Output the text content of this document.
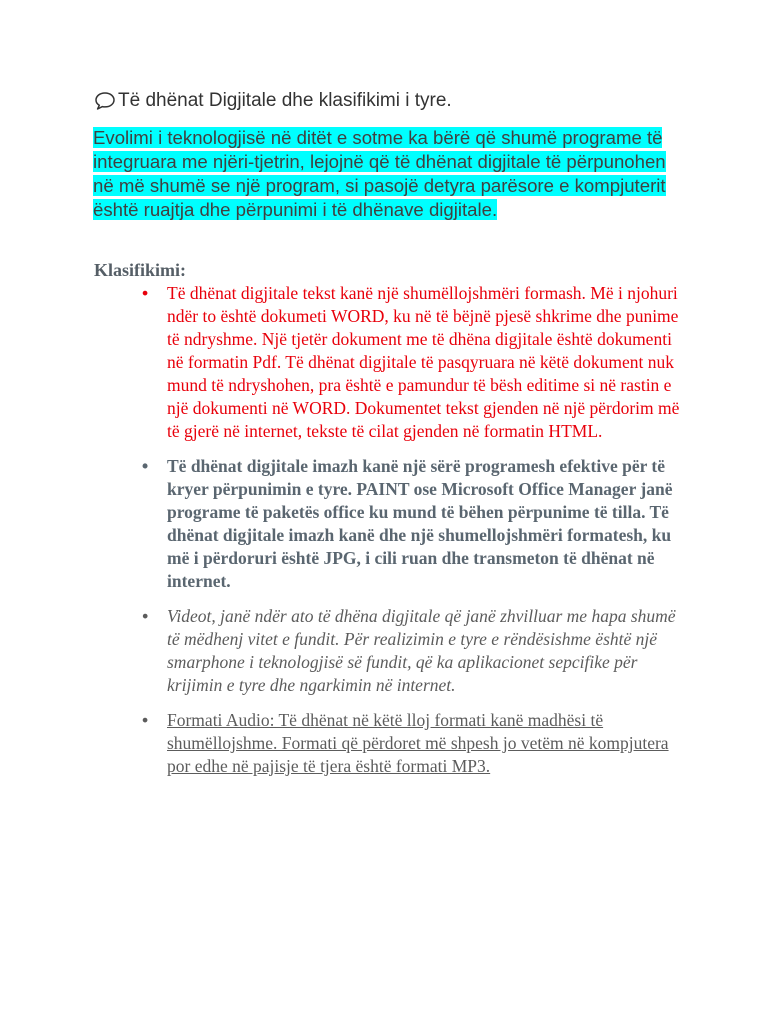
Të dhënat Digjitale dhe klasifikimi i tyre.
Evolimi i teknologjisë në ditët e sotme ka bërë që shumë programe të integruara me njëri-tjetrin, lejojnë që të dhënat digjitale të përpunohen në më shumë se një program, si pasojë detyra parësore e kompjuterit është ruajtja dhe përpunimi i të dhënave digjitale.
Klasifikimi:
• Të dhënat digjitale tekst kanë një shumëllojshmëri formash. Më i njohuri ndër to është dokumeti WORD, ku në të bëjnë pjesë shkrime dhe punime të ndryshme. Një tjetër dokument me të dhëna digjitale është dokumenti në formatin Pdf. Të dhënat digjitale të pasqyruara në këtë dokument nuk mund të ndryshohen, pra është e pamundur të bësh editime si në rastin e një dokumenti në WORD. Dokumentet tekst gjenden në një përdorim më të gjerë në internet, tekste të cilat gjenden në formatin HTML.
• Të dhënat digjitale imazh kanë një sërë programesh efektive për të kryer përpunimin e tyre. PAINT ose Microsoft Office Manager janë programe të paketës office ku mund të bëhen përpunime të tilla. Të dhënat digjitale imazh kanë dhe një shumellojshmëri formatesh, ku më i përdoruri është JPG, i cili ruan dhe transmeton të dhënat në internet.
• Videot, janë ndër ato të dhëna digjitale që janë zhvilluar me hapa shumë të mëdhenj vitet e fundit. Për realizimin e tyre e rëndësishme është një smarphone i teknologjisë së fundit, që ka aplikacionet sepcifike për krijimin e tyre dhe ngarkimin në internet.
• Formati Audio: Të dhënat në këtë lloj formati kanë madhësi të shumëllojshme. Formati që përdoret më shpesh jo vetëm në kompjutera por edhe në pajisje të tjera është formati MP3.
